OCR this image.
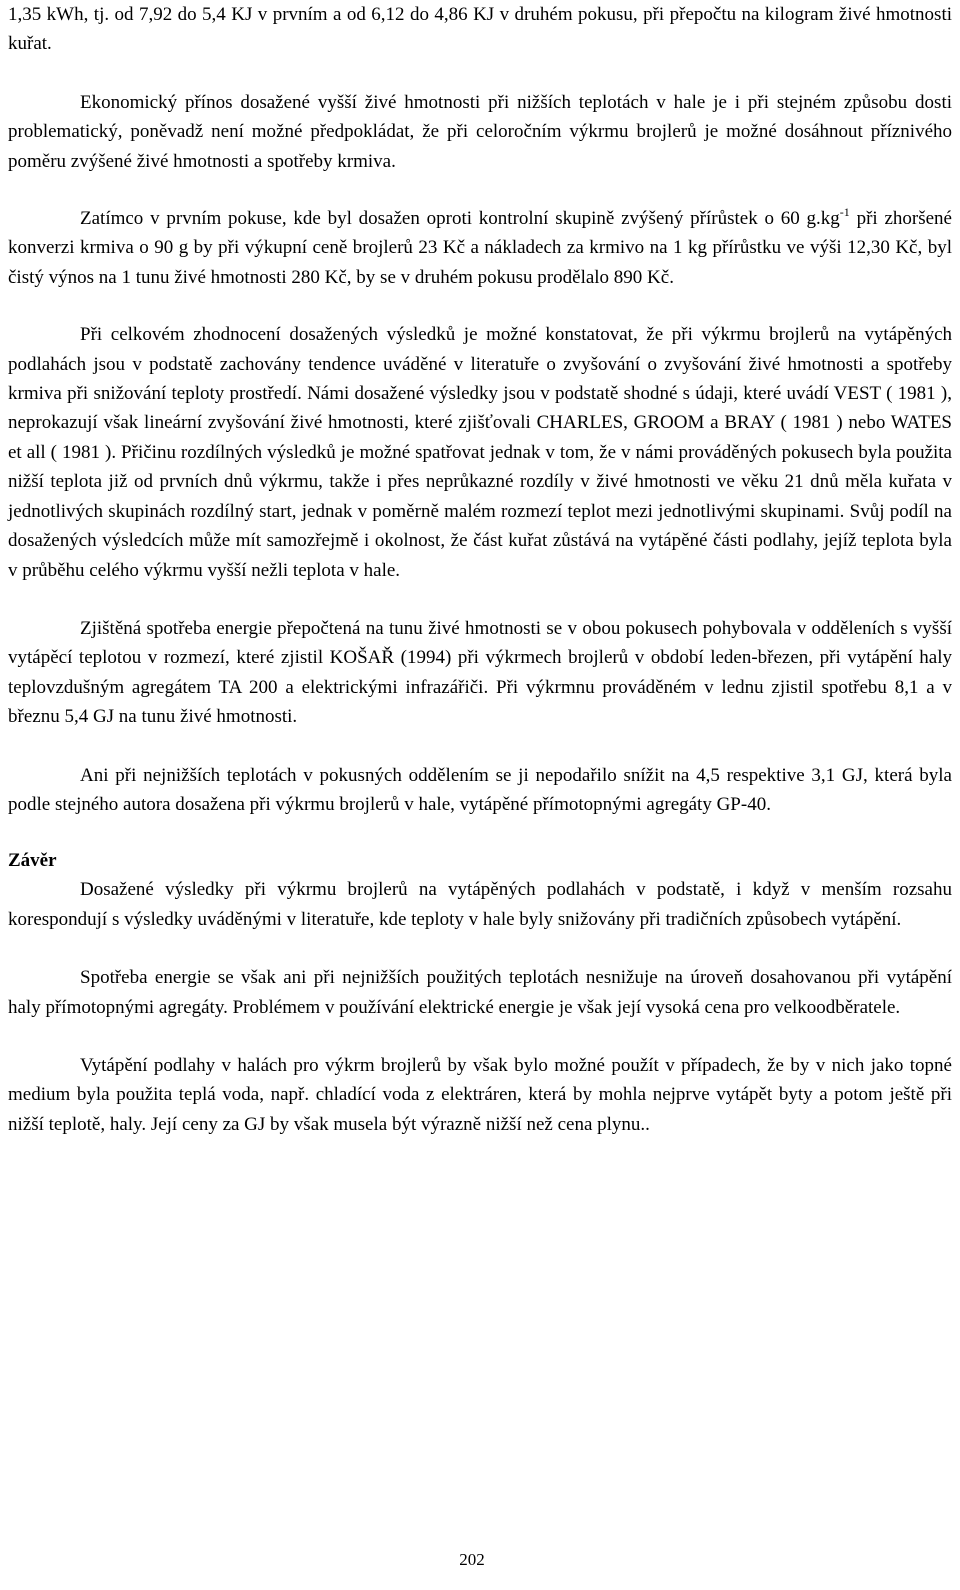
1,35 kWh, tj. od 7,92 do 5,4 KJ v prvním a od 6,12 do 4,86 KJ v druhém pokusu, při přepočtu na kilogram živé hmotnosti kuřat.

Ekonomický přínos dosažené vyšší živé hmotnosti při nižších teplotách v hale je i při stejném způsobu dosti problematický, poněvadž není možné předpokládat, že při celoročním výkrmu brojlerů je možné dosáhnout příznivého poměru zvýšené živé hmotnosti a spotřeby krmiva.

Zatímco v prvním pokuse, kde byl dosažen oproti kontrolní skupině zvýšený přírůstek o 60 $g.kg^{-1}$ při zhoršené konverzi krmiva o 90 g by při výkupní ceně brojlerů 23 Kč a nákladech za krmivo na 1 kg přírůstku ve výši 12,30 Kč, byl čistý výnos na 1 tunu živé hmotnosti 280 Kč, by se v druhém pokusu prodělalo 890 Kč.

Při celkovém zhodnocení dosažených výsledků je možné konstatovat, že při výkrmu brojlerů na vytápěných podlahách jsou v podstatě zachovány tendence uváděné v literatuře o zvyšování o zvyšování živé hmotnosti a spotřeby krmiva při snižování teploty prostředí. Námi dosažené výsledky jsou v podstatě shodné s údaji, které uvádí VEST ( 1981 ), neprokazují však lineární zvyšování živé hmotnosti, které zjišťovali CHARLES, GROOM a BRAY ( 1981 ) nebo WATES et all ( 1981 ). Přičinu rozdílných výsledků je možné spatřovat jednak v tom, že v námi prováděných pokusech byla použita nižší teplota již od prvních dnů výkrmu, takže i přes neprůkazné rozdíly v živé hmotnosti ve věku 21 dnů měla kuřata v jednotlivých skupinách rozdílný start, jednak v poměrně malém rozmezí teplot mezi jednotlivými skupinami. Svůj podíl na dosažených výsledcích může mít samozřejmě i okolnost, že část kuřat zůstává na vytápěné části podlahy, jejíž teplota byla v průběhu celého výkrmu vyšší nežli teplota v hale.

Zjištěná spotřeba energie přepočtená na tunu živé hmotnosti se v obou pokusech pohybovala v odděleních s vyšší vytápěcí teplotou v rozmezí, které zjistil KOŠAŘ (1994) při výkrmech brojlerů v období leden-březen, při vytápění haly teplovzdušným agregátem TA 200 a elektrickými infrazářiči. Při výkrmnu prováděném v lednu zjistil spotřebu 8,1 a v březnu 5,4 GJ na tunu živé hmotnosti.

Ani při nejnižších teplotách v pokusných oddělením se ji nepodařilo snížit na 4,5 respektive 3,1 GJ, která byla podle stejného autora dosažena při výkrmu brojlerů v hale, vytápěné přímotopnými agregáty GP-40.

Závěr

Dosažené výsledky při výkrmu brojlerů na vytápěných podlahách v podstatě, i když v menším rozsahu korespondují s výsledky uváděnými v literatuře, kde teploty v hale byly snižovány při tradičních způsobech vytápění.

Spotřeba energie se však ani při nejnižších použitých teplotách nesnižuje na úroveň dosahovanou při vytápění haly přímotopnými agregáty. Problémem v používání elektrické energie je však její vysoká cena pro velkoodběratele.

Vytápění podlahy v halách pro výkrm brojlerů by však bylo možné použít v případech, že by v nich jako topné medium byla použita teplá voda, např. chladící voda z elektráren, která by mohla nejprve vytápět byty a potom ještě při nižší teplotě, haly. Její ceny za GJ by však musela být výrazně nižší než cena plynu..

202
